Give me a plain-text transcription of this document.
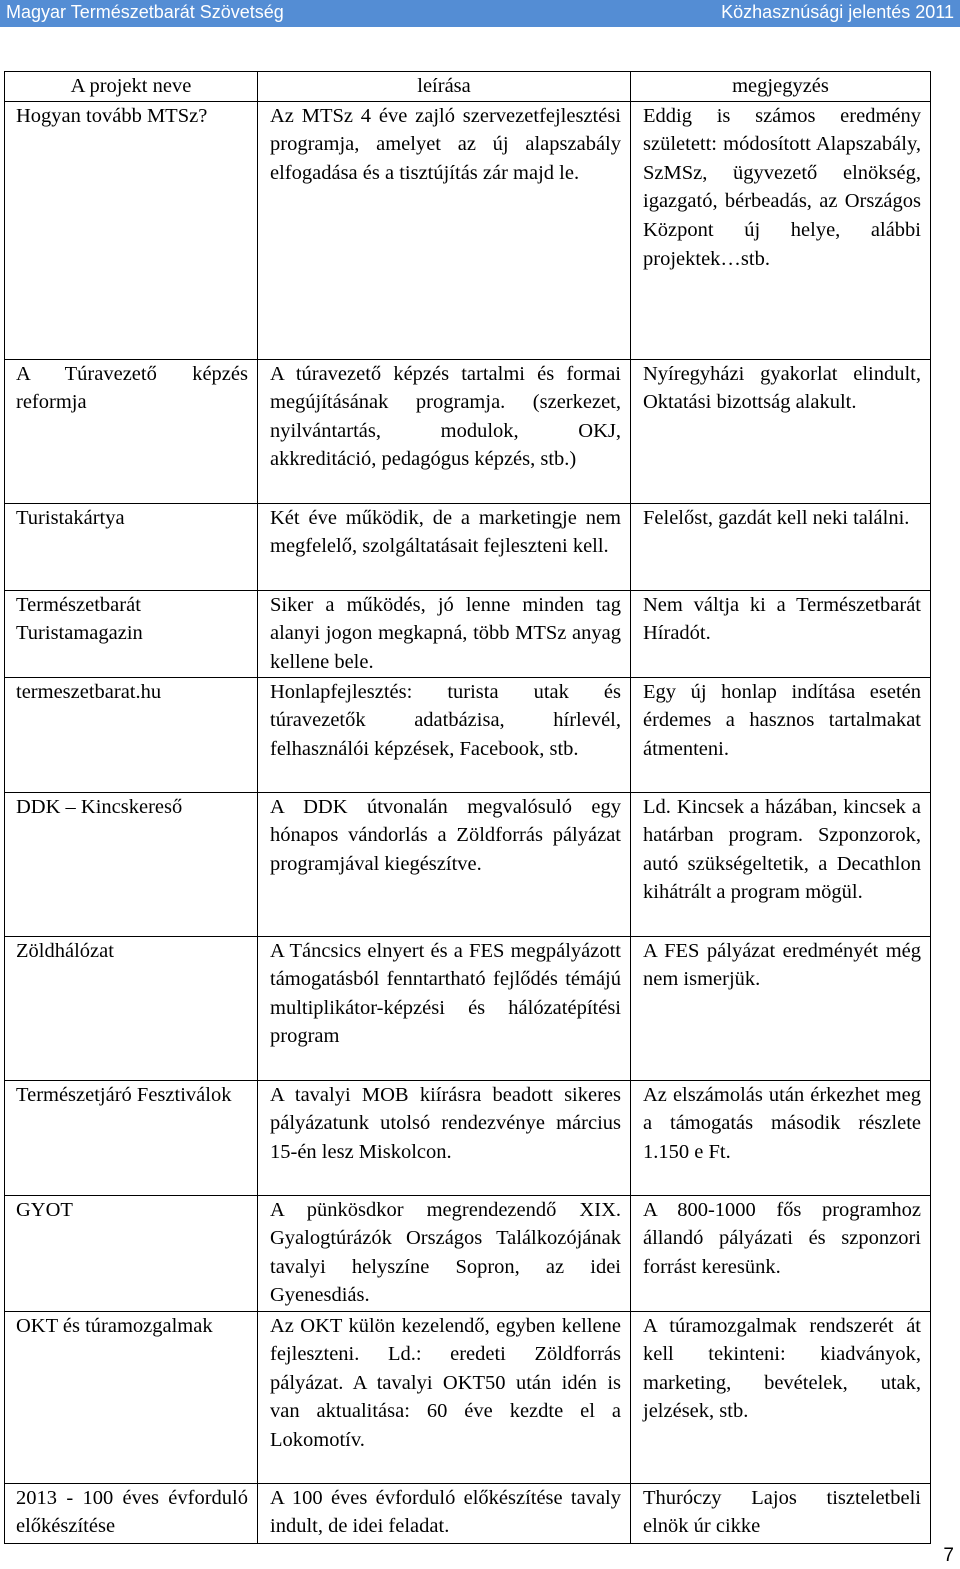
Magyar Természetbarát Szövetség	Közhasznúsági jelentés 2011
A projekt neve	leírása	megjegyzés
Hogyan tovább MTSz?	Az MTSz 4 éve zajló szervezetfejlesztési programja, amelyet az új alapszabály elfogadása és a tisztújítás zár majd le.	Eddig is számos eredmény született: módosított Alapszabály, SzMSz, ügyvezető elnökség, igazgató, bérbeadás, az Országos Központ új helye, alábbi projektek…stb.
A Túravezető képzés reformja	A túravezető képzés tartalmi és formai megújításának programja. (szerkezet, nyilvántartás, modulok, OKJ, akkreditáció, pedagógus képzés, stb.)	Nyíregyházi gyakorlat elindult, Oktatási bizottság alakult.
Turistakártya	Két éve működik, de a marketingje nem megfelelő, szolgáltatásait fejleszteni kell.	Felelőst, gazdát kell neki találni.
Természetbarát Turistamagazin	Siker a működés, jó lenne minden tag alanyi jogon megkapná, több MTSz anyag kellene bele.	Nem váltja ki a Természetbarát Híradót.
termeszetbarat.hu	Honlapfejlesztés: turista utak és túravezetők adatbázisa, hírlevél, felhasználói képzések, Facebook, stb.	Egy új honlap indítása esetén érdemes a hasznos tartalmakat átmenteni.
DDK – Kincskereső	A DDK útvonalán megvalósuló egy hónapos vándorlás a Zöldforrás pályázat programjával kiegészítve.	Ld. Kincsek a házában, kincsek a határban program. Szponzorok, autó szükségeltetik, a Decathlon kihátrált a program mögül.
Zöldhálózat	A Táncsics elnyert és a FES megpályázott támogatásból fenntartható fejlődés témájú multiplikátor-képzési és hálózatépítési program	A FES pályázat eredményét még nem ismerjük.
Természetjáró Fesztiválok	A tavalyi MOB kiírásra beadott sikeres pályázatunk utolsó rendezvénye március 15-én lesz Miskolcon.	Az elszámolás után érkezhet meg a támogatás második részlete 1.150 e Ft.
GYOT	A pünkösdkor megrendezendő XIX. Gyalogtúrázók Országos Találkozójának tavalyi helyszíne Sopron, az idei Gyenesdiás.	A 800-1000 fős programhoz állandó pályázati és szponzori forrást keresünk.
OKT és túramozgalmak	Az OKT külön kezelendő, egyben kellene fejleszteni. Ld.: eredeti Zöldforrás pályázat. A tavalyi OKT50 után idén is van aktualitása: 60 éve kezdte el a Lokomotív.	A túramozgalmak rendszerét át kell tekinteni: kiadványok, marketing, bevételek, utak, jelzések, stb.
2013 - 100 éves évforduló előkészítése	A 100 éves évforduló előkészítése tavaly indult, de idei feladat.	Thuróczy Lajos tiszteletbeli elnök úr cikke
7
